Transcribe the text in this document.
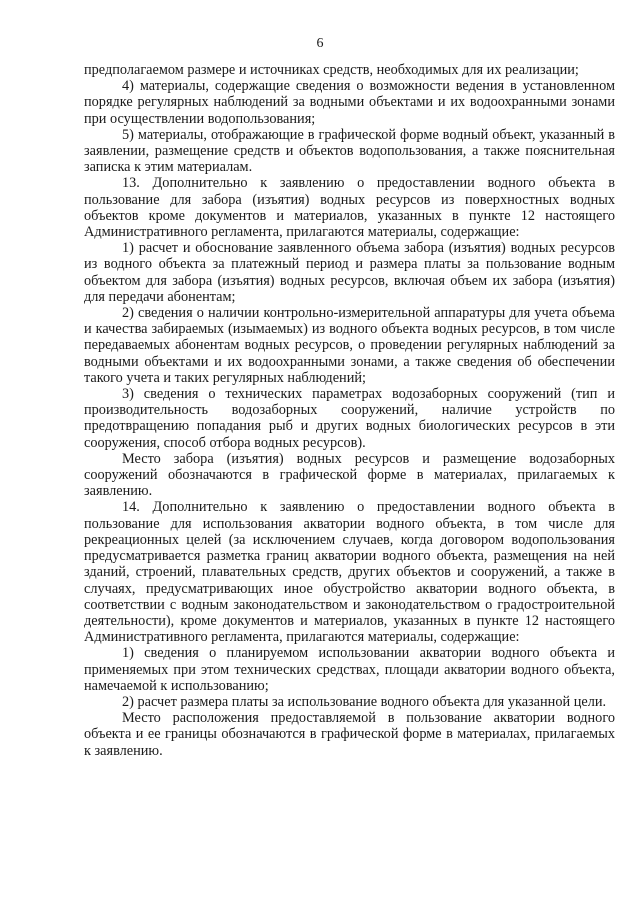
6

предполагаемом размере и источниках средств, необходимых для их реализации;

4) материалы, содержащие сведения о возможности ведения в установленном порядке регулярных наблюдений за водными объектами и их водоохранными зонами при осуществлении водопользования;

5) материалы, отображающие в графической форме водный объект, указанный в заявлении, размещение средств и объектов водопользования, а также пояснительная записка к этим материалам.

13. Дополнительно к заявлению о предоставлении водного объекта в пользование для забора (изъятия) водных ресурсов из поверхностных водных объектов кроме документов и материалов, указанных в пункте 12 настоящего Административного регламента, прилагаются материалы, содержащие:

1) расчет и обоснование заявленного объема забора (изъятия) водных ресурсов из водного объекта за платежный период и размера платы за пользование водным объектом для забора (изъятия) водных ресурсов, включая объем их забора (изъятия) для передачи абонентам;

2) сведения о наличии контрольно-измерительной аппаратуры для учета объема и качества забираемых (изымаемых) из водного объекта водных ресурсов, в том числе передаваемых абонентам водных ресурсов, о проведении регулярных наблюдений за водными объектами и их водоохранными зонами, а также сведения об обеспечении такого учета и таких регулярных наблюдений;

3) сведения о технических параметрах водозаборных сооружений (тип и производительность водозаборных сооружений, наличие устройств по предотвращению попадания рыб и других водных биологических ресурсов в эти сооружения, способ отбора водных ресурсов).

Место забора (изъятия) водных ресурсов и размещение водозаборных сооружений обозначаются в графической форме в материалах, прилагаемых к заявлению.

14. Дополнительно к заявлению о предоставлении водного объекта в пользование для использования акватории водного объекта, в том числе для рекреационных целей (за исключением случаев, когда договором водопользования предусматривается разметка границ акватории водного объекта, размещения на ней зданий, строений, плавательных средств, других объектов и сооружений, а также в случаях, предусматривающих иное обустройство акватории водного объекта, в соответствии с водным законодательством и законодательством о градостроительной деятельности), кроме документов и материалов, указанных в пункте 12 настоящего Административного регламента, прилагаются материалы, содержащие:

1) сведения о планируемом использовании акватории водного объекта и применяемых при этом технических средствах, площади акватории водного объекта, намечаемой к использованию;

2) расчет размера платы за использование водного объекта для указанной цели.

Место расположения предоставляемой в пользование акватории водного объекта и ее границы обозначаются в графической форме в материалах, прилагаемых к заявлению.
